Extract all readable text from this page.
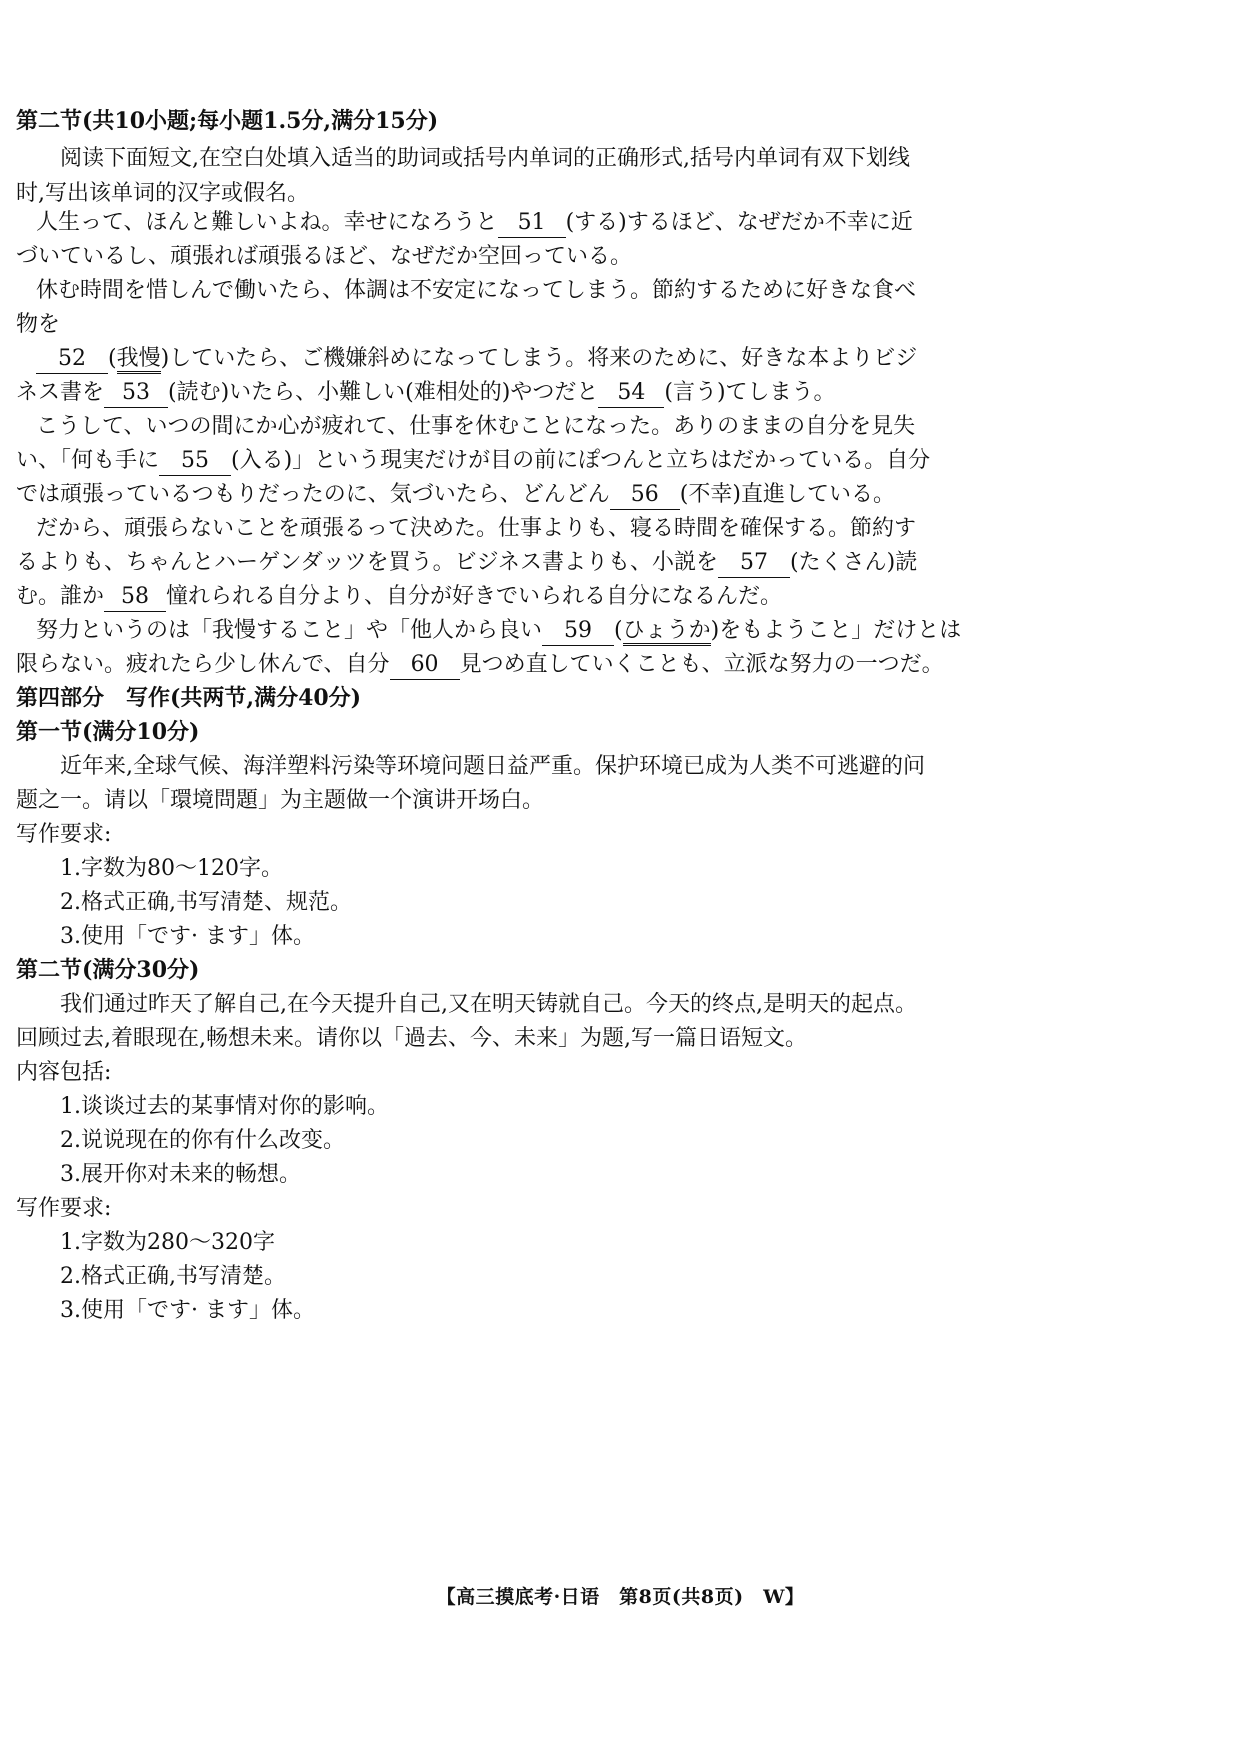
第二节(共10小题;每小题1.5分,满分15分)
阅读下面短文,在空白处填入适当的助词或括号内单词的正确形式,括号内单词有双下划线
时,写出该单词的汉字或假名。
人生って、ほんと難しいよね。幸せになろうと 51 (する)するほど、なぜだか不幸に近
づいているし、頑張れば頑張るほど、なぜだか空回っている。
休む時間を惜しんで働いたら、体調は不安定になってしまう。節約するために好きな食べ
物を
52 (我慢)していたら、ご機嫌斜めになってしまう。将来のために、好きな本よりビジ
ネス書を 53 (読む)いたら、小難しい(难相处的)やつだと 54 (言う)てしまう。
こうして、いつの間にか心が疲れて、仕事を休むことになった。ありのままの自分を見失
い、「何も手に 55 (入る)」という現実だけが目の前にぽつんと立ちはだかっている。自分
では頑張っているつもりだったのに、気づいたら、どんどん 56 (不幸)直進している。
だから、頑張らないことを頑張るって決めた。仕事よりも、寝る時間を確保する。節約す
るよりも、ちゃんとハーゲンダッツを買う。ビジネス書よりも、小説を 57 (たくさん)読
む。誰か 58 憧れられる自分より、自分が好きでいられる自分になるんだ。
努力というのは「我慢すること」や「他人から良い 59 (ひょうか)をもようこと」だけとは
限らない。疲れたら少し休んで、自分 60 見つめ直していくことも、立派な努力の一つだ。
第四部分　写作(共两节,满分40分)
第一节(满分10分)
近年来,全球气候、海洋塑料污染等环境问题日益严重。保护环境已成为人类不可逃避的问
题之一。请以「環境問題」为主题做一个演讲开场白。
写作要求:
1.字数为80～120字。
2.格式正确,书写清楚、规范。
3.使用「です· ます」体。
第二节(满分30分)
我们通过昨天了解自己,在今天提升自己,又在明天铸就自己。今天的终点,是明天的起点。
回顾过去,着眼现在,畅想未来。请你以「過去、今、未来」为题,写一篇日语短文。
内容包括:
1.谈谈过去的某事情对你的影响。
2.说说现在的你有什么改变。
3.展开你对未来的畅想。
写作要求:
1.字数为280～320字
2.格式正确,书写清楚。
3.使用「です· ます」体。
【高三摸底考·日语　第8页(共8页)　W】
